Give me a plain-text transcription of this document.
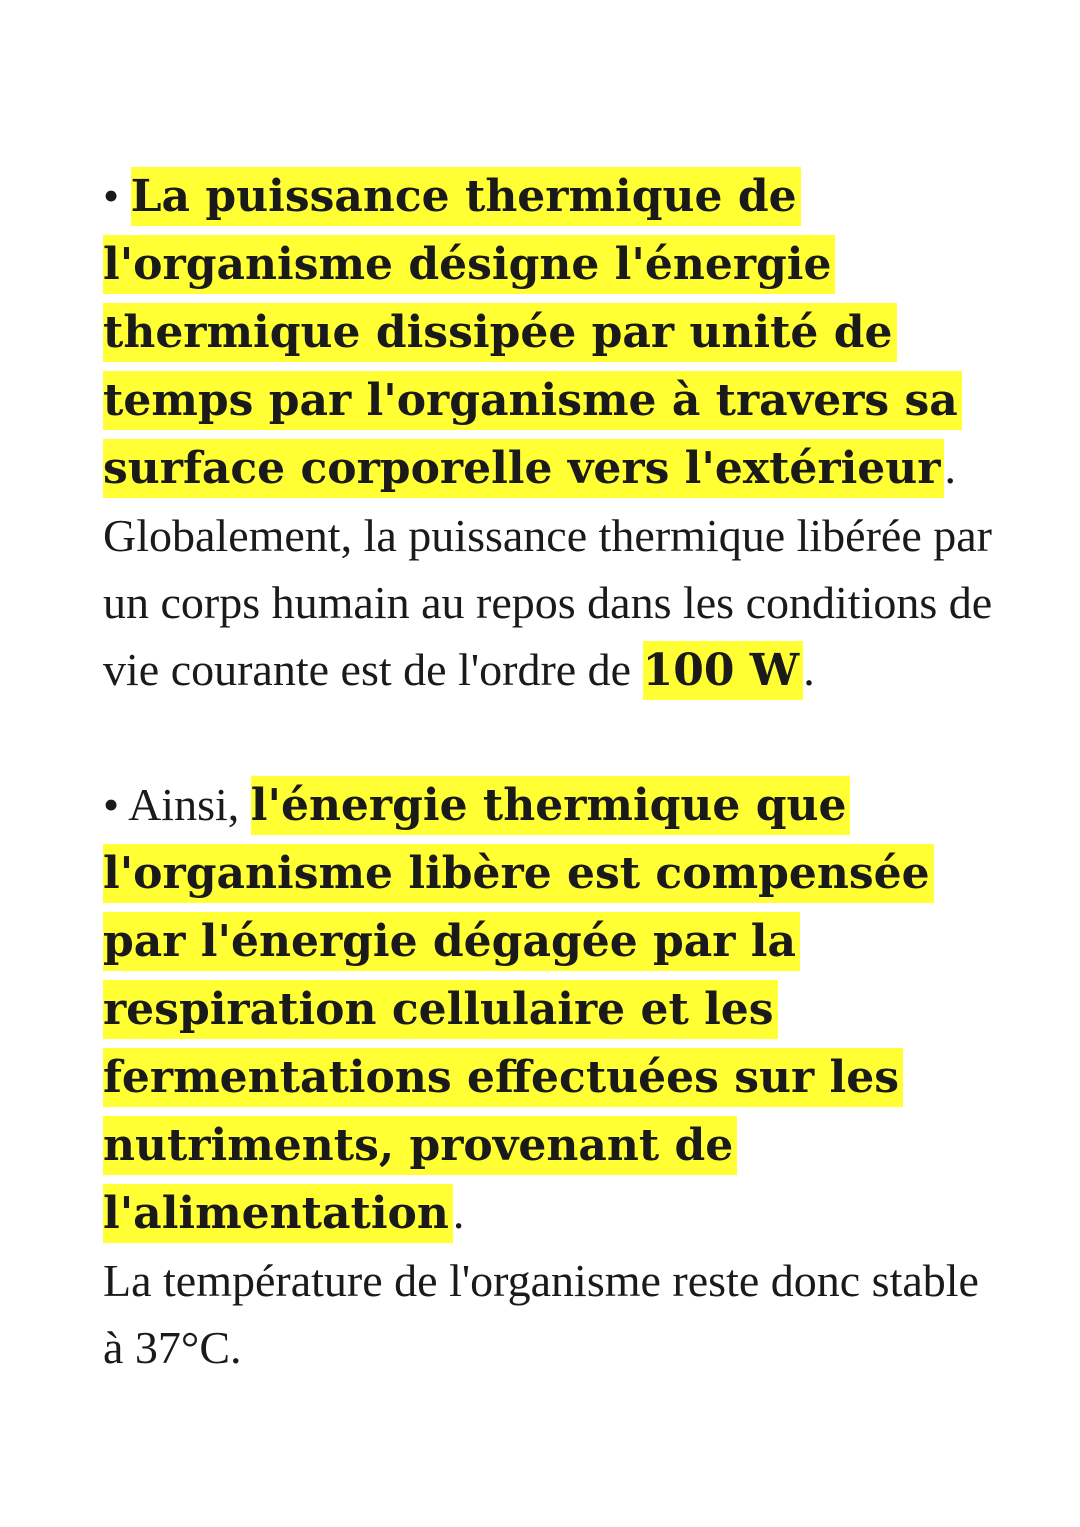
• La puissance thermique de l'organisme désigne l'énergie thermique dissipée par unité de temps par l'organisme à travers sa surface corporelle vers l'extérieur.
Globalement, la puissance thermique libérée par un corps humain au repos dans les conditions de vie courante est de l'ordre de 100 W.

• Ainsi, l'énergie thermique que l'organisme libère est compensée par l'énergie dégagée par la respiration cellulaire et les fermentations effectuées sur les nutriments, provenant de l'alimentation.
La température de l'organisme reste donc stable à 37°C.
